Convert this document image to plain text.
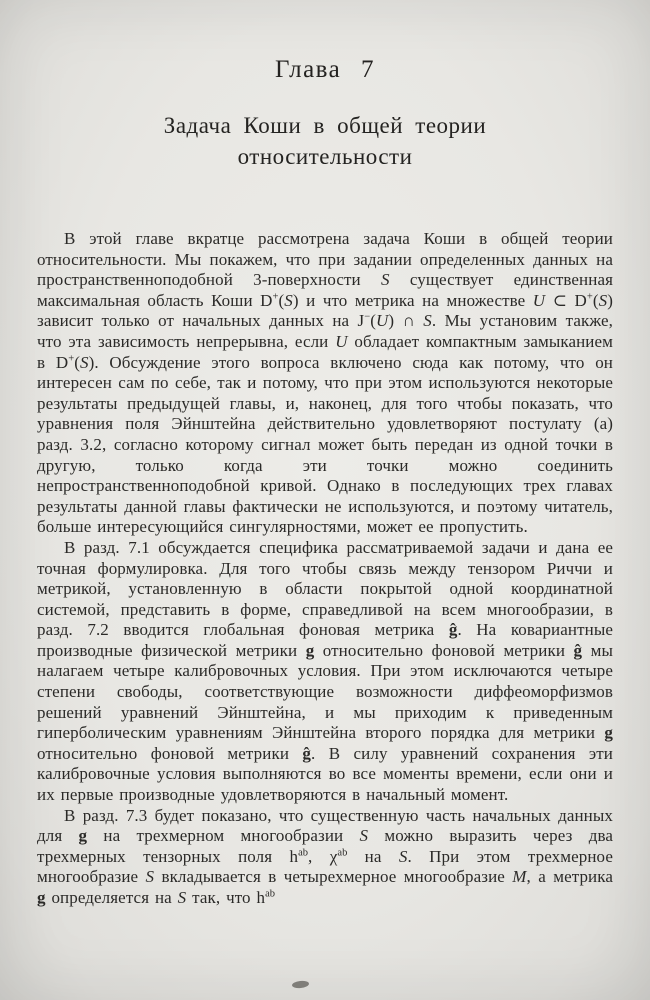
Глава 7
Задача Коши в общей теории
относительности

В этой главе вкратце рассмотрена задача Коши в общей теории относительности. Мы покажем, что при задании определенных данных на пространственноподобной 3-поверхности S существует единственная максимальная область Коши D+(S) и что метрика на множестве U ⊂ D+(S) зависит только от начальных данных на J−(U) ∩ S. Мы установим также, что эта зависимость непрерывна, если U обладает компактным замыканием в D+(S). Обсуждение этого вопроса включено сюда как потому, что он интересен сам по себе, так и потому, что при этом используются некоторые результаты предыдущей главы, и, наконец, для того чтобы показать, что уравнения поля Эйнштейна действительно удовлетворяют постулату (а) разд. 3.2, согласно которому сигнал может быть передан из одной точки в другую, только когда эти точки можно соединить непространственноподобной кривой. Однако в последующих трех главах результаты данной главы фактически не используются, и поэтому читатель, больше интересующийся сингулярностями, может ее пропустить.

В разд. 7.1 обсуждается специфика рассматриваемой задачи и дана ее точная формулировка. Для того чтобы связь между тензором Риччи и метрикой, установленную в области покрытой одной координатной системой, представить в форме, справедливой на всем многообразии, в разд. 7.2 вводится глобальная фоновая метрика ĝ. На ковариантные производные физической метрики g относительно фоновой метрики ĝ мы налагаем четыре калибровочных условия. При этом исключаются четыре степени свободы, соответствующие возможности диффеоморфизмов решений уравнений Эйнштейна, и мы приходим к приведенным гиперболическим уравнениям Эйнштейна второго порядка для метрики g относительно фоновой метрики ĝ. В силу уравнений сохранения эти калибровочные условия выполняются во все моменты времени, если они и их первые производные удовлетворяются в начальный момент.

В разд. 7.3 будет показано, что существенную часть начальных данных для g на трехмерном многообразии S можно выразить через два трехмерных тензорных поля $h^{ab}$, $\chi^{ab}$ на S. При этом трехмерное многообразие S вкладывается в четырехмерное многообразие M, а метрика g определяется на S так, что $h^{ab}$
